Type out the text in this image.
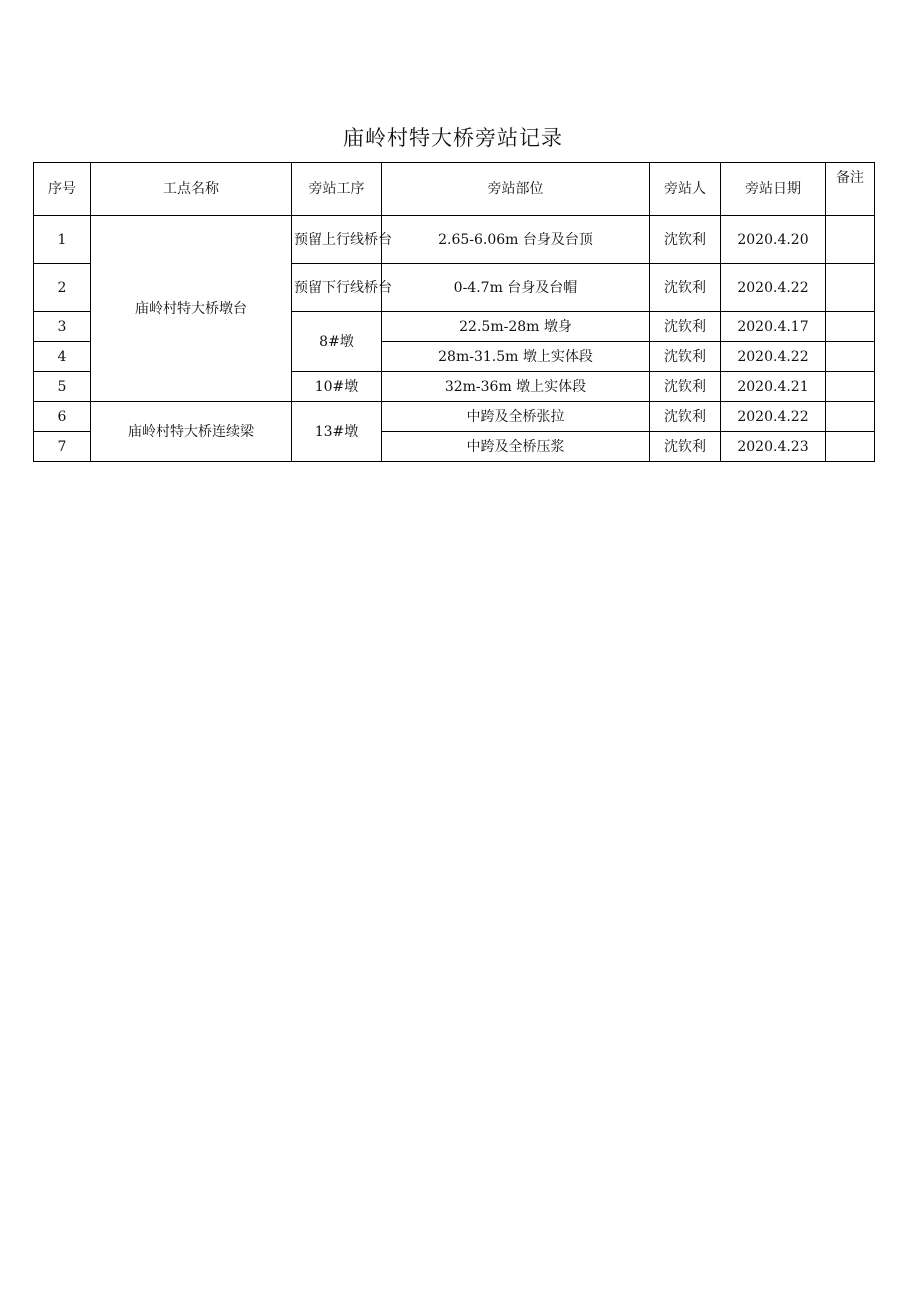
庙岭村特大桥旁站记录
序号	工点名称	旁站工序	旁站部位	旁站人	旁站日期	备注
1	庙岭村特大桥墩台	预留上行线桥台	2.65-6.06m 台身及台顶	沈钦利	2020.4.20	
2		预留下行线桥台	0-4.7m 台身及台帽	沈钦利	2020.4.22	
3		8#墩	22.5m-28m 墩身	沈钦利	2020.4.17	
4			28m-31.5m 墩上实体段	沈钦利	2020.4.22	
5		10#墩	32m-36m 墩上实体段	沈钦利	2020.4.21	
6	庙岭村特大桥连续梁	13#墩	中跨及全桥张拉	沈钦利	2020.4.22	
7			中跨及全桥压浆	沈钦利	2020.4.23	
